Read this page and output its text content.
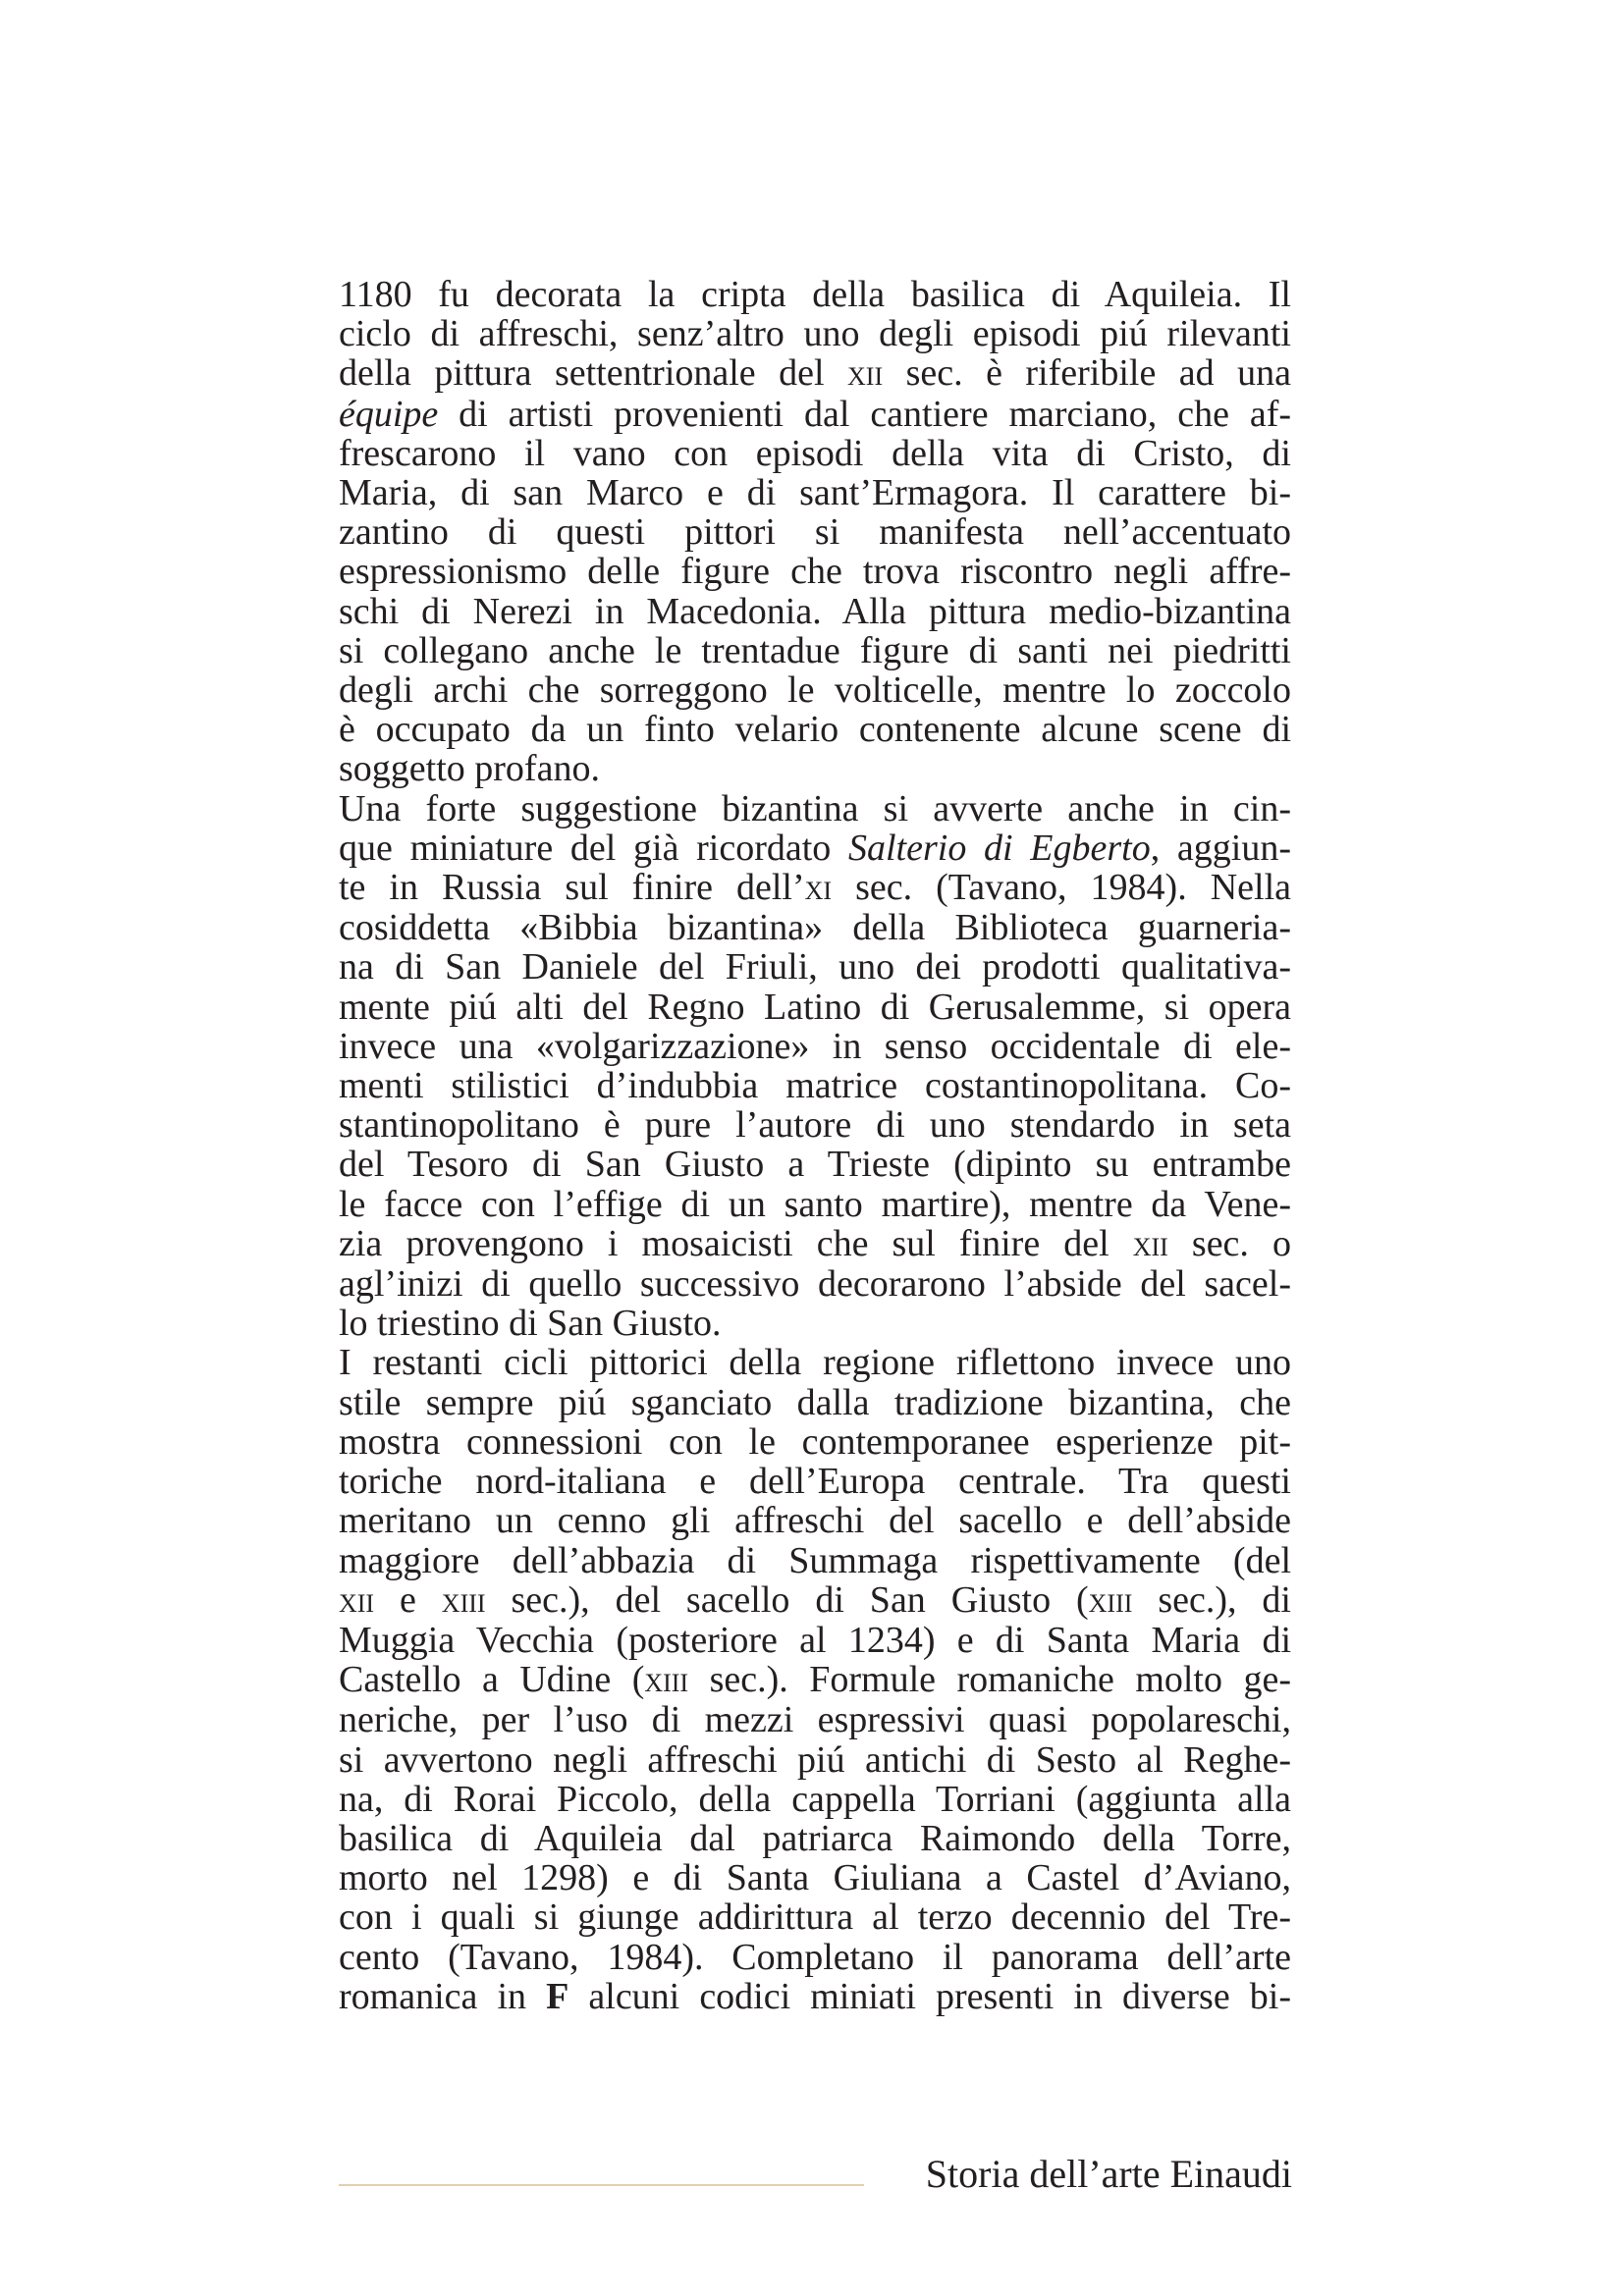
1180 fu decorata la cripta della basilica di Aquileia. Il
ciclo di affreschi, senz’altro uno degli episodi piú rilevanti
della pittura settentrionale del xii sec. è riferibile ad una
équipe di artisti provenienti dal cantiere marciano, che af-
frescarono il vano con episodi della vita di Cristo, di
Maria, di san Marco e di sant’Ermagora. Il carattere bi-
zantino di questi pittori si manifesta nell’accentuato
espressionismo delle figure che trova riscontro negli affre-
schi di Nerezi in Macedonia. Alla pittura medio-bizantina
si collegano anche le trentadue figure di santi nei piedritti
degli archi che sorreggono le volticelle, mentre lo zoccolo
è occupato da un finto velario contenente alcune scene di
soggetto profano.
Una forte suggestione bizantina si avverte anche in cin-
que miniature del già ricordato Salterio di Egberto, aggiun-
te in Russia sul finire dell’xi sec. (Tavano, 1984). Nella
cosiddetta «Bibbia bizantina» della Biblioteca guarneria-
na di San Daniele del Friuli, uno dei prodotti qualitativa-
mente piú alti del Regno Latino di Gerusalemme, si opera
invece una «volgarizzazione» in senso occidentale di ele-
menti stilistici d’indubbia matrice costantinopolitana. Co-
stantinopolitano è pure l’autore di uno stendardo in seta
del Tesoro di San Giusto a Trieste (dipinto su entrambe
le facce con l’effige di un santo martire), mentre da Vene-
zia provengono i mosaicisti che sul finire del xii sec. o
agl’inizi di quello successivo decorarono l’abside del sacel-
lo triestino di San Giusto.
I restanti cicli pittorici della regione riflettono invece uno
stile sempre piú sganciato dalla tradizione bizantina, che
mostra connessioni con le contemporanee esperienze pit-
toriche nord-italiana e dell’Europa centrale. Tra questi
meritano un cenno gli affreschi del sacello e dell’abside
maggiore dell’abbazia di Summaga rispettivamente (del
xii e xiii sec.), del sacello di San Giusto (xiii sec.), di
Muggia Vecchia (posteriore al 1234) e di Santa Maria di
Castello a Udine (xiii sec.). Formule romaniche molto ge-
neriche, per l’uso di mezzi espressivi quasi popolareschi,
si avvertono negli affreschi piú antichi di Sesto al Reghe-
na, di Rorai Piccolo, della cappella Torriani (aggiunta alla
basilica di Aquileia dal patriarca Raimondo della Torre,
morto nel 1298) e di Santa Giuliana a Castel d’Aviano,
con i quali si giunge addirittura al terzo decennio del Tre-
cento (Tavano, 1984). Completano il panorama dell’arte
romanica in F alcuni codici miniati presenti in diverse bi-
Storia dell’arte Einaudi
